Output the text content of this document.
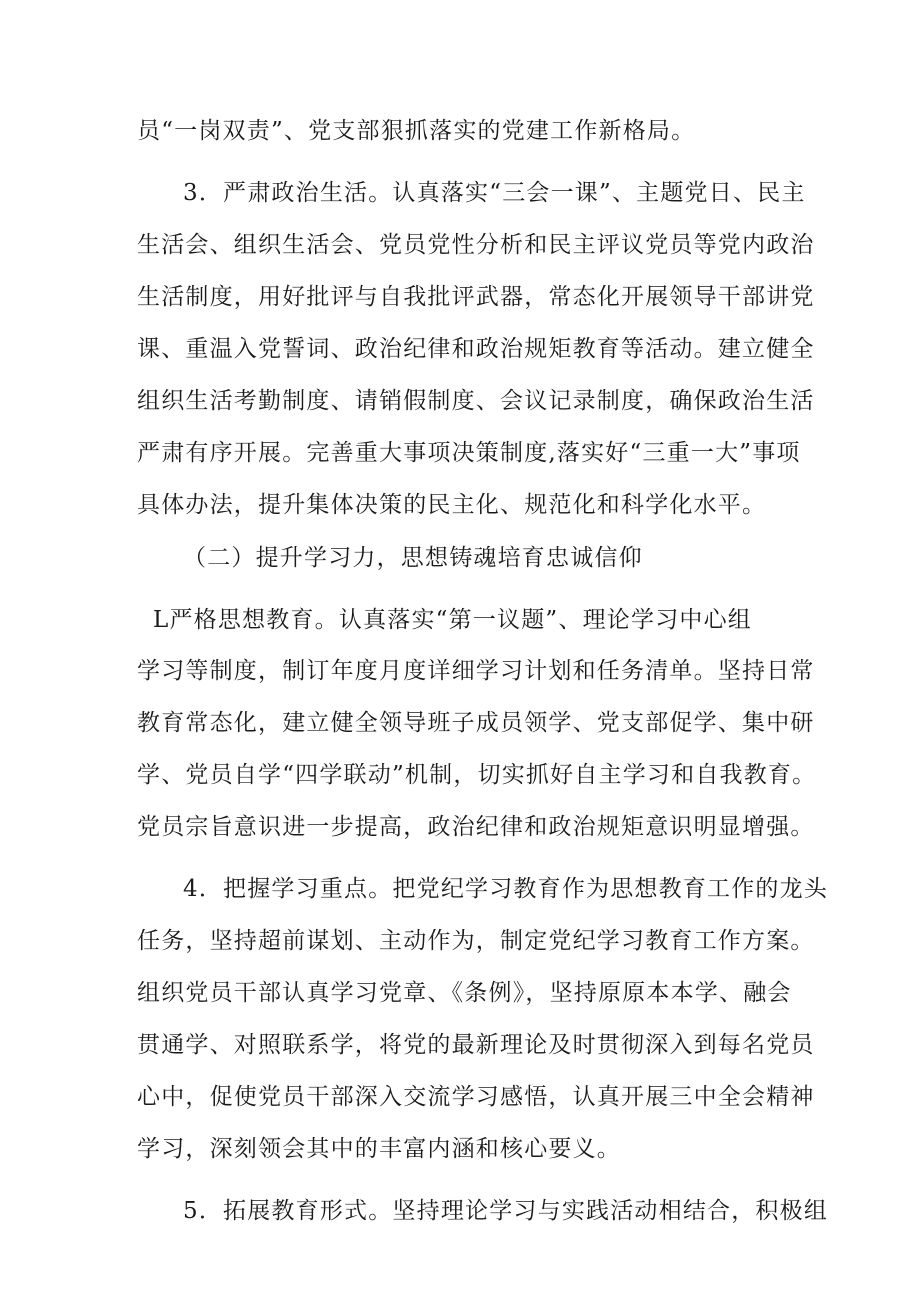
员“一岗双责”、党支部狠抓落实的党建工作新格局。

3．严肃政治生活。认真落实“三会一课”、主题党日、民主

生活会、组织生活会、党员党性分析和民主评议党员等党内政治

生活制度，用好批评与自我批评武器，常态化开展领导干部讲党

课、重温入党誓词、政治纪律和政治规矩教育等活动。建立健全

组织生活考勤制度、请销假制度、会议记录制度，确保政治生活

严肃有序开展。完善重大事项决策制度,落实好“三重一大”事项

具体办法，提升集体决策的民主化、规范化和科学化水平。

（二）提升学习力，思想铸魂培育忠诚信仰

L严格思想教育。认真落实“第一议题”、理论学习中心组

学习等制度，制订年度月度详细学习计划和任务清单。坚持日常

教育常态化，建立健全领导班子成员领学、党支部促学、集中研

学、党员自学“四学联动”机制，切实抓好自主学习和自我教育。

党员宗旨意识进一步提高，政治纪律和政治规矩意识明显增强。

4．把握学习重点。把党纪学习教育作为思想教育工作的龙头

任务，坚持超前谋划、主动作为，制定党纪学习教育工作方案。

组织党员干部认真学习党章、《条例》，坚持原原本本学、融会

贯通学、对照联系学，将党的最新理论及时贯彻深入到每名党员

心中，促使党员干部深入交流学习感悟，认真开展三中全会精神

学习，深刻领会其中的丰富内涵和核心要义。

5．拓展教育形式。坚持理论学习与实践活动相结合，积极组
